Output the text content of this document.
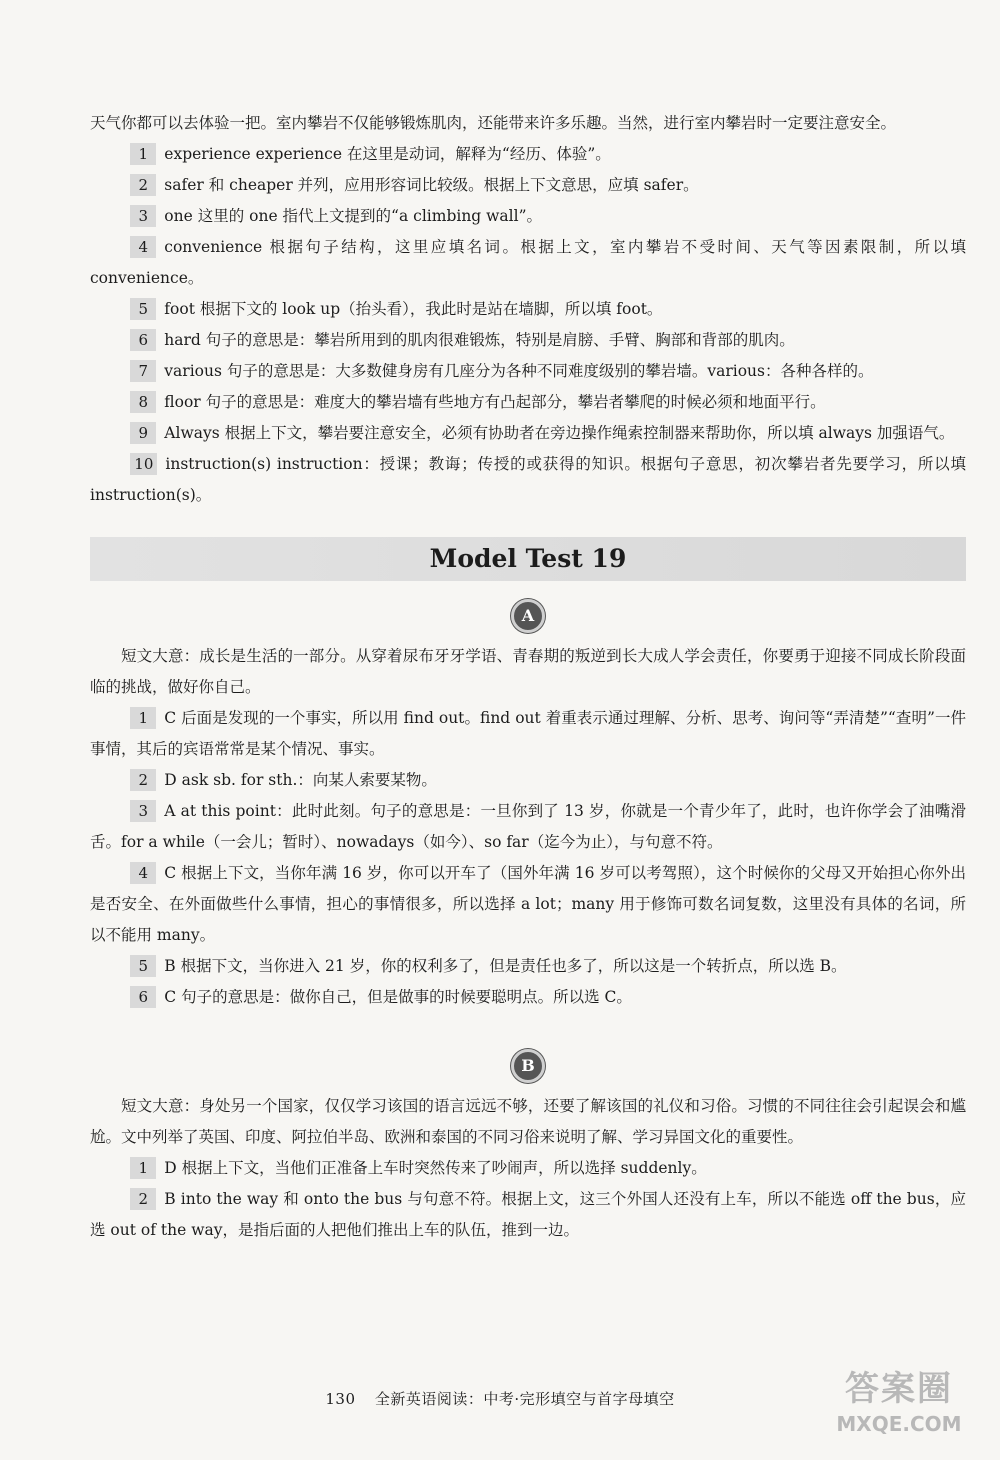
天气你都可以去体验一把。室内攀岩不仅能够锻炼肌肉，还能带来许多乐趣。当然，进行室内攀岩时一定要注意安全。

1 experience experience 在这里是动词，解释为“经历、体验”。

2 safer 和 cheaper 并列，应用形容词比较级。根据上下文意思，应填 safer。

3 one 这里的 one 指代上文提到的“a climbing wall”。

4 convenience 根据句子结构，这里应填名词。根据上文，室内攀岩不受时间、天气等因素限制，所以填 convenience。

5 foot 根据下文的 look up（抬头看），我此时是站在墙脚，所以填 foot。

6 hard 句子的意思是：攀岩所用到的肌肉很难锻炼，特别是肩膀、手臂、胸部和背部的肌肉。

7 various 句子的意思是：大多数健身房有几座分为各种不同难度级别的攀岩墙。various：各种各样的。

8 floor 句子的意思是：难度大的攀岩墙有些地方有凸起部分，攀岩者攀爬的时候必须和地面平行。

9 Always 根据上下文，攀岩要注意安全，必须有协助者在旁边操作绳索控制器来帮助你，所以填 always 加强语气。

10 instruction(s) instruction：授课；教诲；传授的或获得的知识。根据句子意思，初次攀岩者先要学习，所以填 instruction(s)。

Model Test 19
A

短文大意：成长是生活的一部分。从穿着尿布牙牙学语、青春期的叛逆到长大成人学会责任，你要勇于迎接不同成长阶段面临的挑战，做好你自己。

1 C 后面是发现的一个事实，所以用 find out。find out 着重表示通过理解、分析、思考、询问等“弄清楚”“查明”一件事情，其后的宾语常常是某个情况、事实。

2 D ask sb. for sth.：向某人索要某物。

3 A at this point：此时此刻。句子的意思是：一旦你到了 13 岁，你就是一个青少年了，此时，也许你学会了油嘴滑舌。for a while（一会儿；暂时）、nowadays（如今）、so far（迄今为止），与句意不符。

4 C 根据上下文，当你年满 16 岁，你可以开车了（国外年满 16 岁可以考驾照），这个时候你的父母又开始担心你外出是否安全、在外面做些什么事情，担心的事情很多，所以选择 a lot；many 用于修饰可数名词复数，这里没有具体的名词，所以不能用 many。

5 B 根据下文，当你进入 21 岁，你的权利多了，但是责任也多了，所以这是一个转折点，所以选 B。

6 C 句子的意思是：做你自己，但是做事的时候要聪明点。所以选 C。

B

短文大意：身处另一个国家，仅仅学习该国的语言远远不够，还要了解该国的礼仪和习俗。习惯的不同往往会引起误会和尴尬。文中列举了英国、印度、阿拉伯半岛、欧洲和泰国的不同习俗来说明了解、学习异国文化的重要性。

1 D 根据上下文，当他们正准备上车时突然传来了吵闹声，所以选择 suddenly。

2 B into the way 和 onto the bus 与句意不符。根据上文，这三个外国人还没有上车，所以不能选 off the bus，应选 out of the way，是指后面的人把他们推出上车的队伍，推到一边。

130 全新英语阅读：中考·完形填空与首字母填空	答案圈
MXQE.COM
